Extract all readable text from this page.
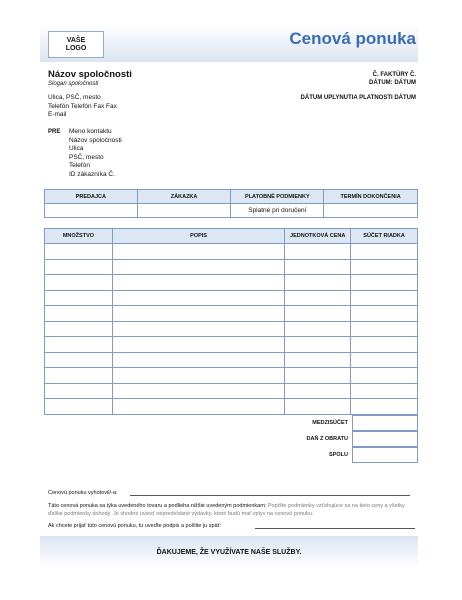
VAŠE
LOGO	Cenová ponuka
Názov spoločnosti
Slogan spoločnosti
Ulica, PSČ, mesto
Telefón Telefón Fax Fax
E-mail
Č. FAKTÚRY Č.
DÁTUM: DÁTUM
DÁTUM UPLYNUTIA PLATNOSTI DÁTUM
PRE Meno kontaktu
Názov spoločnosti
Ulica
PSČ, mesto
Telefón
ID zákazníka Č.
PREDAJCA	ZÁKAZKA	PLATOBNÉ PODMIENKY	TERMÍN DOKONČENIA
		Splatné pri doručení	
MNOŽSTVO	POPIS	JEDNOTKOVÁ CENA	SÚČET RIADKA

MEDZISÚČET
DAŇ Z OBRATU
SPOLU
Cenovú ponuku vyhotovil/-a:
Táto cenová ponuka sa týka uvedeného tovaru a podlieha nižšie uvedeným podmienkam: Popíšte podmienky vzťahujúce sa na tieto ceny a všetky ďalšie podmienky dohody. Je vhodné uviesť nepredvídané výdavky, ktoré budú mať vplyv na cenovú ponuku.
Ak chcete prijať túto cenovú ponuku, tu uveďte podpis a pošlite ju späť:
ĎAKUJEME, ŽE VYUŽÍVATE NAŠE SLUŽBY.
